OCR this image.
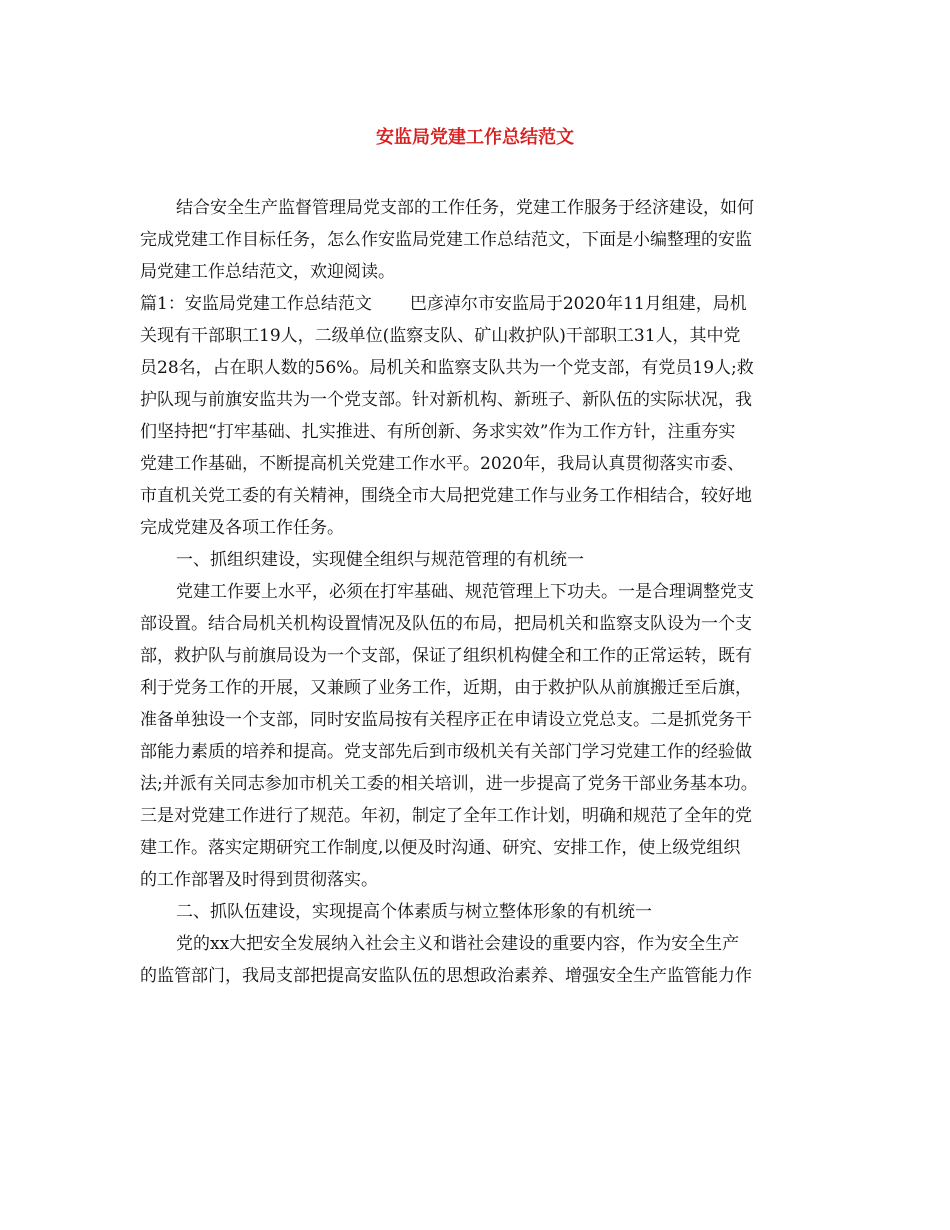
安监局党建工作总结范文

结合安全生产监督管理局党支部的工作任务，党建工作服务于经济建设，如何

完成党建工作目标任务，怎么作安监局党建工作总结范文，下面是小编整理的安监

局党建工作总结范文，欢迎阅读。

篇1：安监局党建工作总结范文 巴彦淖尔市安监局于2020年11月组建，局机

关现有干部职工19人，二级单位(监察支队、矿山救护队)干部职工31人，其中党

员28名，占在职人数的56%。局机关和监察支队共为一个党支部，有党员19人;救

护队现与前旗安监共为一个党支部。针对新机构、新班子、新队伍的实际状况，我

们坚持把“打牢基础、扎实推进、有所创新、务求实效”作为工作方针，注重夯实

党建工作基础，不断提高机关党建工作水平。2020年，我局认真贯彻落实市委、

市直机关党工委的有关精神，围绕全市大局把党建工作与业务工作相结合，较好地

完成党建及各项工作任务。

一、抓组织建设，实现健全组织与规范管理的有机统一

党建工作要上水平，必须在打牢基础、规范管理上下功夫。一是合理调整党支

部设置。结合局机关机构设置情况及队伍的布局，把局机关和监察支队设为一个支

部，救护队与前旗局设为一个支部，保证了组织机构健全和工作的正常运转，既有

利于党务工作的开展，又兼顾了业务工作，近期，由于救护队从前旗搬迁至后旗，

准备单独设一个支部，同时安监局按有关程序正在申请设立党总支。二是抓党务干

部能力素质的培养和提高。党支部先后到市级机关有关部门学习党建工作的经验做

法;并派有关同志参加市机关工委的相关培训，进一步提高了党务干部业务基本功。

三是对党建工作进行了规范。年初，制定了全年工作计划，明确和规范了全年的党

建工作。落实定期研究工作制度,以便及时沟通、研究、安排工作，使上级党组织

的工作部署及时得到贯彻落实。

二、抓队伍建设，实现提高个体素质与树立整体形象的有机统一

党的xx大把安全发展纳入社会主义和谐社会建设的重要内容，作为安全生产

的监管部门，我局支部把提高安监队伍的思想政治素养、增强安全生产监管能力作
